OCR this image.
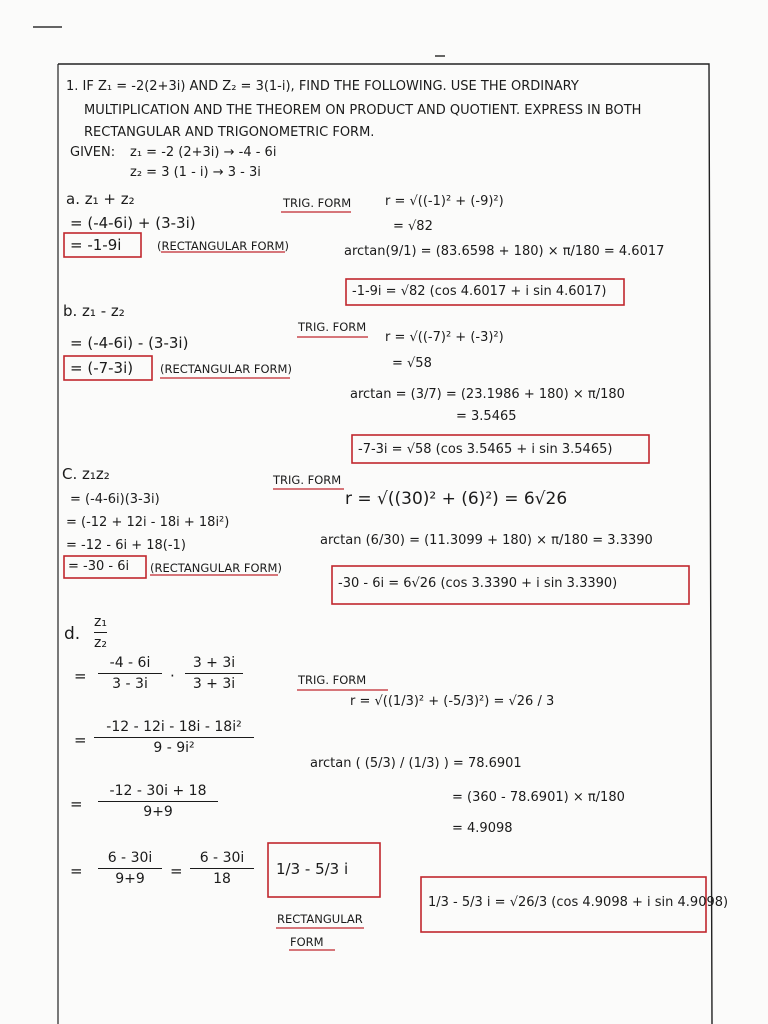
1. IF Z₁ = -2(2+3i) AND Z₂ = 3(1-i), FIND THE FOLLOWING. USE THE ORDINARY
MULTIPLICATION AND THE THEOREM ON PRODUCT AND QUOTIENT. EXPRESS IN BOTH
RECTANGULAR AND TRIGONOMETRIC FORM.
GIVEN: z₁ = -2 (2+3i) → -4 - 6i
z₂ = 3 (1 - i) → 3 - 3i
a. z₁ + z₂
= (-4-6i) + (3-3i)
= -1-9i	(RECTANGULAR FORM)
TRIG. FORM	r = √((-1)² + (-9)²)
= √82
arctan(9/1) = (83.6598 + 180) × π/180 = 4.6017
-1-9i = √82 (cos 4.6017 + i sin 4.6017)
b. z₁ - z₂
= (-4-6i) - (3-3i)
= (-7-3i) (RECTANGULAR FORM)
TRIG. FORM
r = √((-7)² + (-3)²)
= √58
arctan = (3/7) = (23.1986 + 180) × π/180
= 3.5465
-7-3i = √58 (cos 3.5465 + i sin 3.5465)
C. z₁z₂
= (-4-6i)(3-3i)
= (-12 + 12i - 18i + 18i²)
= -12 - 6i + 18(-1)
= -30 - 6i (RECTANGULAR FORM)
TRIG. FORM
r = √((30)² + (6)²) = 6√26
arctan (6/30) = (11.3099 + 180) × π/180 = 3.3390
-30 - 6i = 6√26 (cos 3.3390 + i sin 3.3390)
d.
z₁
z₂
=
-4 - 6i
3 - 3i ·
3 + 3i
3 + 3i
=
-12 - 12i - 18i - 18i²
9 - 9i²
=
-12 - 30i + 18
9+9
=
6 - 30i
9+9 =
6 - 30i
18
1/3 - 5/3 i
RECTANGULAR
FORM
TRIG. FORM
r = √((1/3)² + (-5/3)²) = √26 / 3
arctan ( (5/3) / (1/3) ) = 78.6901
= (360 - 78.6901) × π/180
= 4.9098
1/3 - 5/3 i = √26/3 (cos 4.9098 + i sin 4.9098)
